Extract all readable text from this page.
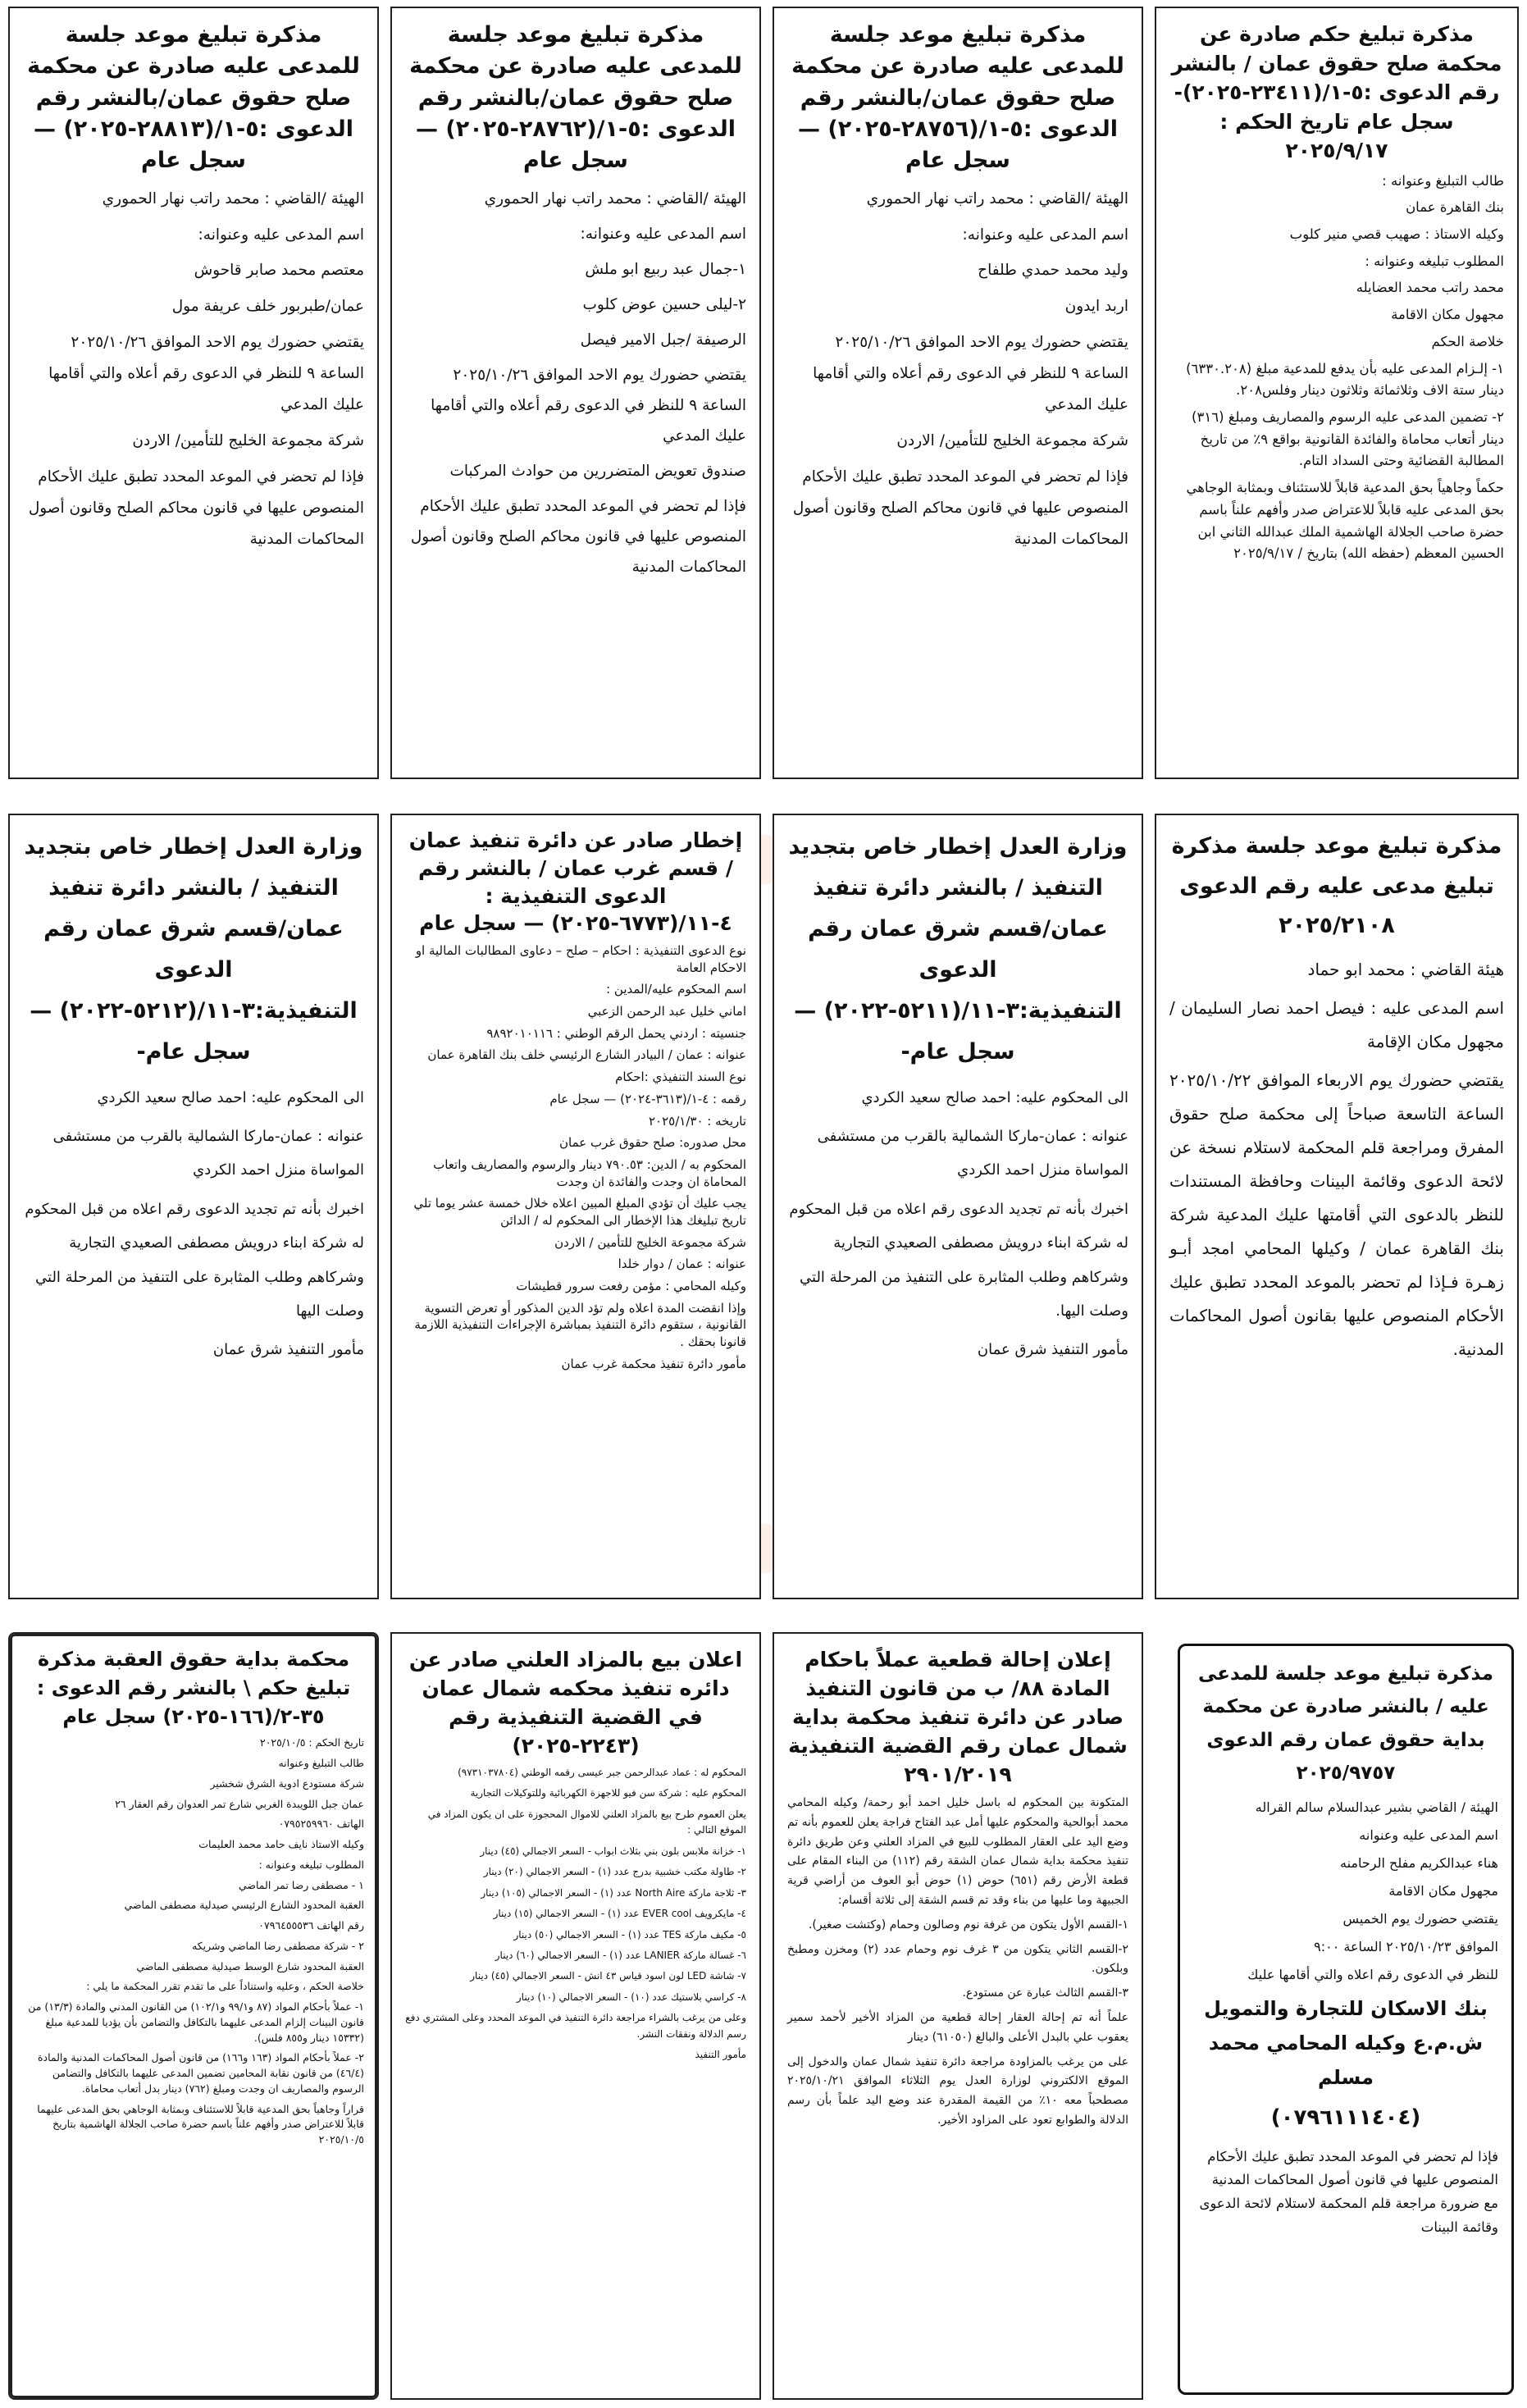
مذكرة تبليغ موعد جلسة للمدعى عليه صادرة عن محكمة صلح حقوق عمان/بالنشر رقم الدعوى :٥-١/(٢٨٨١٣-٢٠٢٥) — سجل عام

الهيئة /القاضي : محمد راتب نهار الحموري

اسم المدعى عليه وعنوانه:

معتصم محمد صابر قاحوش

عمان/طبربور خلف عريفة مول

يقتضي حضورك يوم الاحد الموافق ٢٠٢٥/١٠/٢٦ الساعة ٩ للنظر في الدعوى رقم أعلاه والتي أقامها عليك المدعي

شركة مجموعة الخليج للتأمين/ الاردن

فإذا لم تحضر في الموعد المحدد تطبق عليك الأحكام المنصوص عليها في قانون محاكم الصلح وقانون أصول المحاكمات المدنية

مذكرة تبليغ موعد جلسة للمدعى عليه صادرة عن محكمة صلح حقوق عمان/بالنشر رقم الدعوى :٥-١/(٢٨٧٦٢-٢٠٢٥) — سجل عام

الهيئة /القاضي : محمد راتب نهار الحموري

اسم المدعى عليه وعنوانه:

١-جمال عبد ربيع ابو ملش

٢-ليلى حسين عوض كلوب

الرصيفة /جبل الامير فيصل

يقتضي حضورك يوم الاحد الموافق ٢٠٢٥/١٠/٢٦ الساعة ٩ للنظر في الدعوى رقم أعلاه والتي أقامها عليك المدعي

صندوق تعويض المتضررين من حوادث المركبات

فإذا لم تحضر في الموعد المحدد تطبق عليك الأحكام المنصوص عليها في قانون محاكم الصلح وقانون أصول المحاكمات المدنية

مذكرة تبليغ موعد جلسة للمدعى عليه صادرة عن محكمة صلح حقوق عمان/بالنشر رقم الدعوى :٥-١/(٢٨٧٥٦-٢٠٢٥) — سجل عام

الهيئة /القاضي : محمد راتب نهار الحموري

اسم المدعى عليه وعنوانه:

وليد محمد حمدي طلفاح

اربد ايدون

يقتضي حضورك يوم الاحد الموافق ٢٠٢٥/١٠/٢٦ الساعة ٩ للنظر في الدعوى رقم أعلاه والتي أقامها عليك المدعي

شركة مجموعة الخليج للتأمين/ الاردن

فإذا لم تحضر في الموعد المحدد تطبق عليك الأحكام المنصوص عليها في قانون محاكم الصلح وقانون أصول المحاكمات المدنية

مذكرة تبليغ حكم صادرة عن محكمة صلح حقوق عمان / بالنشر رقم الدعوى :٥-١/(٢٣٤١١-٢٠٢٥)-سجل عام تاريخ الحكم : ٢٠٢٥/٩/١٧

طالب التبليغ وعنوانه :

بنك القاهرة عمان

وكيله الاستاذ : صهيب قصي منير كلوب

المطلوب تبليغه وعنوانه :

محمد راتب محمد العضايله

مجهول مكان الاقامة

خلاصة الحكم

١- إلـزام المدعى عليه بأن يدفع للمدعية مبلغ (٦٣٣٠.٢٠٨) دينار ستة الاف وثلاثمائة وثلاثون دينار وفلس٢٠٨.

٢- تضمين المدعى عليه الرسوم والمصاريف ومبلغ (٣١٦) دينار أتعاب محاماة والفائدة القانونية بواقع ٩٪ من تاريخ المطالبة القضائية وحتى السداد التام.

حكماً وجاهياً بحق المدعية قابلاً للاستئناف وبمثابة الوجاهي بحق المدعى عليه قابلاً للاعتراض صدر وأفهم علناً باسم حضرة صاحب الجلالة الهاشمية الملك عبدالله الثاني ابن الحسين المعظم (حفظه الله) بتاريخ / ٢٠٢٥/٩/١٧

وزارة العدل إخطار خاص بتجديد التنفيذ / بالنشر دائرة تنفيذ عمان/قسم شرق عمان رقم الدعوى التنفيذية:٣-١١/(٥٢١٢-٢٠٢٢) —سجل عام-

الى المحكوم عليه: احمد صالح سعيد الكردي

عنوانه : عمان-ماركا الشمالية بالقرب من مستشفى المواساة منزل احمد الكردي

اخبرك بأنه تم تجديد الدعوى رقم اعلاه من قبل المحكوم له شركة ابناء درويش مصطفى الصعيدي التجارية وشركاهم وطلب المثابرة على التنفيذ من المرحلة التي وصلت اليها

مأمور التنفيذ شرق عمان

إخطار صادر عن دائرة تنفيذ عمان / قسم غرب عمان / بالنشر رقم الدعوى التنفيذية : ٤-١١/(٦٧٧٣-٢٠٢٥) — سجل عام

نوع الدعوى التنفيذية : احكام – صلح – دعاوى المطالبات المالية او الاحكام العامة

اسم المحكوم عليه/المدين :

اماني خليل عبد الرحمن الزعبي

جنسيته : اردني يحمل الرقم الوطني : ٩٨٩٢٠١٠١١٦

عنوانه : عمان / البيادر الشارع الرئيسي خلف بنك القاهرة عمان

نوع السند التنفيذي :احكام

رقمه : ٤-١/(٣٦١٣-٢٠٢٤) — سجل عام

تاريخه : ٢٠٢٥/١/٣٠

محل صدوره: صلح حقوق غرب عمان

المحكوم به / الدين: ٧٩٠.٥٣ دينار والرسوم والمصاريف واتعاب المحاماة ان وجدت والفائدة ان وجدت

يجب عليك أن تؤدي المبلغ المبين اعلاه خلال خمسة عشر يوما تلي تاريخ تبليغك هذا الإخطار الى المحكوم له / الدائن

شركة مجموعة الخليج للتأمين / الاردن

عنوانه : عمان / دوار خلدا

وكيله المحامي : مؤمن رفعت سرور قطيشات

وإذا انقضت المدة اعلاه ولم تؤد الدين المذكور أو تعرض التسوية القانونية ، ستقوم دائرة التنفيذ بمباشرة الإجراءات التنفيذية اللازمة قانونا بحقك .

مأمور دائرة تنفيذ محكمة غرب عمان

وزارة العدل إخطار خاص بتجديد التنفيذ / بالنشر دائرة تنفيذ عمان/قسم شرق عمان رقم الدعوى التنفيذية:٣-١١/(٥٢١١-٢٠٢٢) —سجل عام-

الى المحكوم عليه: احمد صالح سعيد الكردي

عنوانه : عمان-ماركا الشمالية بالقرب من مستشفى المواساة منزل احمد الكردي

اخبرك بأنه تم تجديد الدعوى رقم اعلاه من قبل المحكوم له شركة ابناء درويش مصطفى الصعيدي التجارية وشركاهم وطلب المثابرة على التنفيذ من المرحلة التي وصلت اليها.

مأمور التنفيذ شرق عمان

مذكرة تبليغ موعد جلسة مذكرة تبليغ مدعى عليه رقم الدعوى ٢٠٢٥/٢١٠٨

هيئة القاضي : محمد ابو حماد

اسم المدعى عليه : فيصل احمد نصار السليمان / مجهول مكان الإقامة

يقتضي حضورك يوم الاربعاء الموافق ٢٠٢٥/١٠/٢٢ الساعة التاسعة صباحاً إلى محكمة صلح حقوق المفرق ومراجعة قلم المحكمة لاستلام نسخة عن لائحة الدعوى وقائمة البينات وحافظة المستندات للنظر بالدعوى التي أقامتها عليك المدعية شركة بنك القاهرة عمان / وكيلها المحامي امجد أبـو زهـرة فـإذا لم تحضر بالموعد المحدد تطبق عليك الأحكام المنصوص عليها بقانون أصول المحاكمات المدنية.

محكمة بداية حقوق العقبة مذكرة تبليغ حكم \ بالنشر رقم الدعوى : ٣٥-٢/(١٦٦-٢٠٢٥) سجل عام

تاريخ الحكم : ٢٠٢٥/١٠/٥

طالب التبليغ وعنوانه

شركة مستودع ادوية الشرق شخشير

عمان جبل اللويبدة الغربي شارع تمر العدوان رقم العقار ٢٦

الهاتف ٠٧٩٥٢٥٩٩٦٠

وكيله الاستاذ نايف حامد محمد العليمات

المطلوب تبليغه وعنوانه :

١ - مصطفى رضا تمر الماضي

العقبة المحدود الشارع الرئيسي صيدلية مصطفى الماضي

رقم الهاتف ٠٧٩٦٤٥٥٥٣٦

٢ - شركة مصطفى رضا الماضي وشريكه

العقبة المحدود شارع الوسط صيدلية مصطفى الماضي

خلاصة الحكم ، وعليه واستناداً على ما تقدم تقرر المحكمة ما يلي :

١- عملاً بأحكام المواد (٨٧ و٩٩/١ و١٠٢/١) من القانون المدني والمادة (١٣/٣) من قانون البينات إلزام المدعى عليهما بالتكافل والتضامن بأن يؤديا للمدعية مبلغ (١٥٣٣٢ دينار و٨٥٥ فلس).

٢- عملاً بأحكام المواد (١٦٣ و١٦٦) من قانون أصول المحاكمات المدنية والمادة (٤٦/٤) من قانون نقابة المحامين تضمين المدعى عليهما بالتكافل والتضامن الرسوم والمصاريف ان وجدت ومبلغ (٧٦٢) دينار بدل أتعاب محاماة.

قراراً وجاهياً بحق المدعية قابلاً للاستئناف وبمثابة الوجاهي بحق المدعى عليهما قابلاً للاعتراض صدر وأفهم علناً باسم حضرة صاحب الجلالة الهاشمية بتاريخ ٢٠٢٥/١٠/٥

اعلان بيع بالمزاد العلني صادر عن دائره تنفيذ محكمه شمال عمان في القضية التنفيذية رقم (٢٢٤٣-٢٠٢٥)

المحكوم له : عماد عبدالرحمن جبر عيسى رقمه الوطني (٩٧٣١٠٣٧٨٠٤)

المحكوم عليه : شركة سن فيو للاجهزة الكهربائية وللتوكيلات التجارية

يعلن العموم طرح بيع بالمزاد العلني للاموال المحجوزة على ان يكون المزاد في الموقع التالي :

١- خزانة ملابس بلون بني بثلاث ابواب - السعر الاجمالي (٤٥) دينار

٢- طاولة مكتب خشبية بدرج عدد (١) - السعر الاجمالي (٢٠) دينار

٣- ثلاجة ماركة North Aire عدد (١) - السعر الاجمالي (١٠٥) دينار

٤- مايكرويف EVER cool عدد (١) - السعر الاجمالي (١٥) دينار

٥- مكيف ماركة TES عدد (١) - السعر الاجمالي (٥٠) دينار

٦- غسالة ماركة LANIER عدد (١) - السعر الاجمالي (٦٠) دينار

٧- شاشة LED لون اسود قياس ٤٣ انش - السعر الاجمالي (٤٥) دينار

٨- كراسي بلاستيك عدد (١٠) - السعر الاجمالي (١٠) دينار

وعلى من يرغب بالشراء مراجعة دائرة التنفيذ في الموعد المحدد وعلى المشتري دفع رسم الدلالة ونفقات النشر.

مأمور التنفيذ

إعلان إحالة قطعية عملاً باحكام المادة ٨٨/ ب من قانون التنفيذ صادر عن دائرة تنفيذ محكمة بداية شمال عمان رقم القضية التنفيذية ٢٩٠١/٢٠١٩

المتكونة بين المحكوم له باسل خليل احمد أبو رحمة/ وكيله المحامي محمد أبوالحية والمحكوم عليها أمل عبد الفتاح فراجة يعلن للعموم بأنه تم وضع اليد على العقار المطلوب للبيع في المزاد العلني وعن طريق دائرة تنفيذ محكمة بداية شمال عمان الشقة رقم (١١٢) من البناء المقام على قطعة الأرض رقم (٦٥١) حوض (١) حوض أبو العوف من أراضي قرية الجبيهة وما عليها من بناء وقد تم قسم الشقة إلى ثلاثة أقسام:

١-القسم الأول يتكون من غرفة نوم وصالون وحمام (وكتشت صغير).

٢-القسم الثاني يتكون من ٣ غرف نوم وحمام عدد (٢) ومخزن ومطبخ وبلكون.

٣-القسم الثالث عبارة عن مستودع.

علماً أنه تم إحالة العقار إحالة قطعية من المزاد الأخير لأحمد سمير يعقوب علي بالبدل الأعلى والبالغ (٦١٠٥٠) دينار

على من يرغب بالمزاودة مراجعة دائرة تنفيذ شمال عمان والدخول إلى الموقع الالكتروني لوزارة العدل يوم الثلاثاء الموافق ٢٠٢٥/١٠/٢١ مصطحباً معه ١٠٪ من القيمة المقدرة عند وضع اليد علماً بأن رسم الدلالة والطوابع تعود على المزاود الأخير.

مذكرة تبليغ موعد جلسة للمدعى عليه / بالنشر صادرة عن محكمة بداية حقوق عمان رقم الدعوى ٢٠٢٥/٩٧٥٧

الهيئة / القاضي بشير عبدالسلام سالم القراله

اسم المدعى عليه وعنوانه

هناء عبدالكريم مفلح الرحامنه

مجهول مكان الاقامة

يقتضي حضورك يوم الخميس

الموافق ٢٠٢٥/١٠/٢٣ الساعة ٩:٠٠

للنظر في الدعوى رقم اعلاه والتي أقامها عليك

بنك الاسكان للتجارة والتمويل ش.م.ع وكيله المحامي محمد مسلم
(٠٧٩٦١١١٤٠٤)

فإذا لم تحضر في الموعد المحدد تطبق عليك الأحكام المنصوص عليها في قانون أصول المحاكمات المدنية مع ضرورة مراجعة قلم المحكمة لاستلام لائحة الدعوى وقائمة البينات
